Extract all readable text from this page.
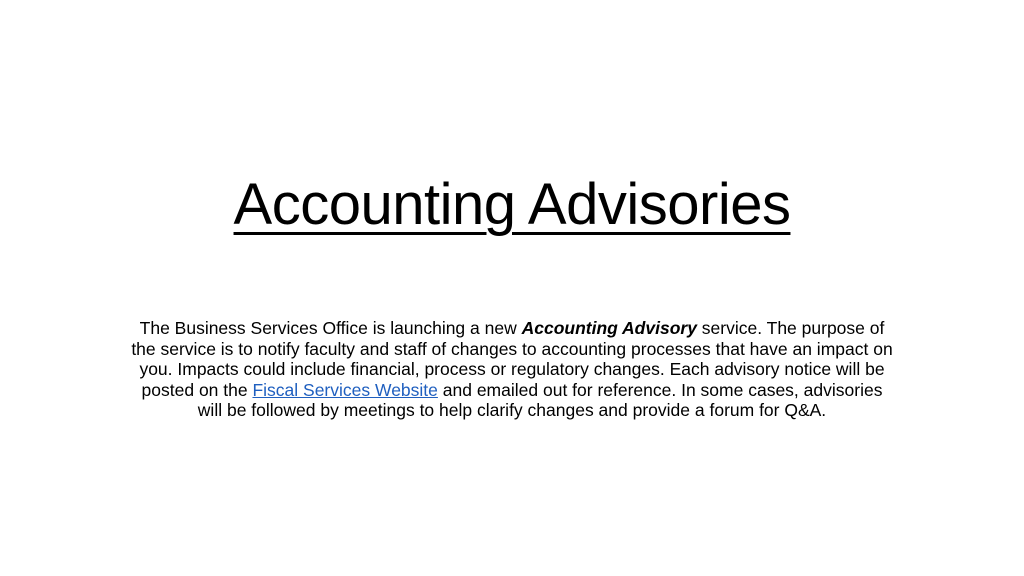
Accounting Advisories
The Business Services Office is launching a new Accounting Advisory service. The purpose of the service is to notify faculty and staff of changes to accounting processes that have an impact on you. Impacts could include financial, process or regulatory changes. Each advisory notice will be posted on the Fiscal Services Website and emailed out for reference. In some cases, advisories will be followed by meetings to help clarify changes and provide a forum for Q&A.
